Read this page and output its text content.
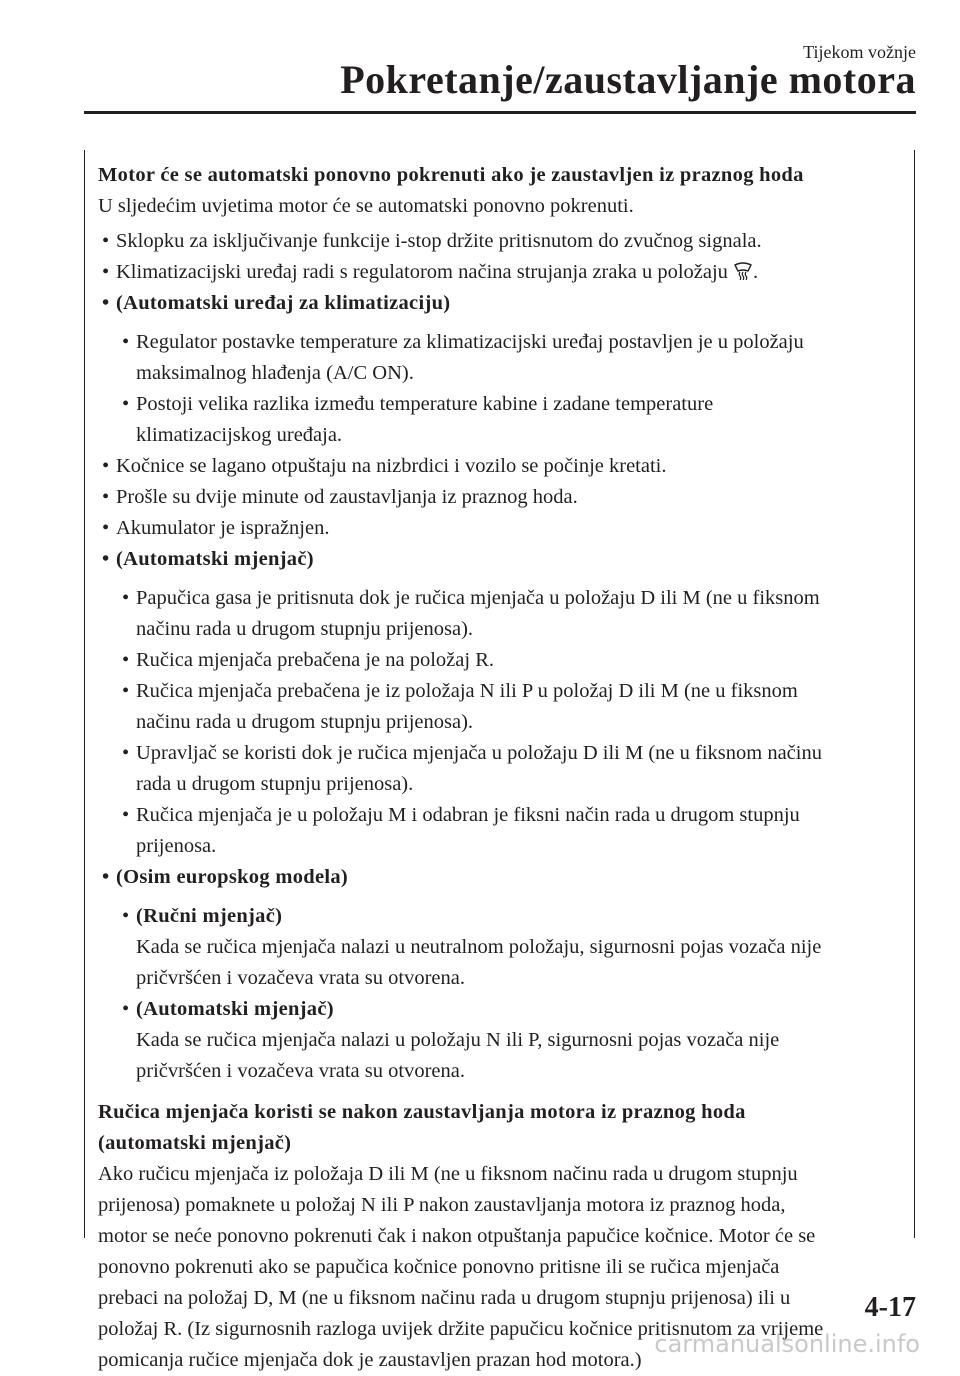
Tijekom vožnje
Pokretanje/zaustavljanje motora
Motor će se automatski ponovno pokrenuti ako je zaustavljen iz praznog hoda
U sljedećim uvjetima motor će se automatski ponovno pokrenuti.
• Sklopku za isključivanje funkcije i-stop držite pritisnutom do zvučnog signala.
• Klimatizacijski uređaj radi s regulatorom načina strujanja zraka u položaju .
• (Automatski uređaj za klimatizaciju)
• Regulator postavke temperature za klimatizacijski uređaj postavljen je u položaju
maksimalnog hlađenja (A/C ON).
• Postoji velika razlika između temperature kabine i zadane temperature
klimatizacijskog uređaja.
• Kočnice se lagano otpuštaju na nizbrdici i vozilo se počinje kretati.
• Prošle su dvije minute od zaustavljanja iz praznog hoda.
• Akumulator je ispražnjen.
• (Automatski mjenjač)
• Papučica gasa je pritisnuta dok je ručica mjenjača u položaju D ili M (ne u fiksnom
načinu rada u drugom stupnju prijenosa).
• Ručica mjenjača prebačena je na položaj R.
• Ručica mjenjača prebačena je iz položaja N ili P u položaj D ili M (ne u fiksnom
načinu rada u drugom stupnju prijenosa).
• Upravljač se koristi dok je ručica mjenjača u položaju D ili M (ne u fiksnom načinu
rada u drugom stupnju prijenosa).
• Ručica mjenjača je u položaju M i odabran je fiksni način rada u drugom stupnju
prijenosa.
• (Osim europskog modela)
• (Ručni mjenjač)
Kada se ručica mjenjača nalazi u neutralnom položaju, sigurnosni pojas vozača nije
pričvršćen i vozačeva vrata su otvorena.
• (Automatski mjenjač)
Kada se ručica mjenjača nalazi u položaju N ili P, sigurnosni pojas vozača nije
pričvršćen i vozačeva vrata su otvorena.
Ručica mjenjača koristi se nakon zaustavljanja motora iz praznog hoda
(automatski mjenjač)
Ako ručicu mjenjača iz položaja D ili M (ne u fiksnom načinu rada u drugom stupnju
prijenosa) pomaknete u položaj N ili P nakon zaustavljanja motora iz praznog hoda,
motor se neće ponovno pokrenuti čak i nakon otpuštanja papučice kočnice. Motor će se
ponovno pokrenuti ako se papučica kočnice ponovno pritisne ili se ručica mjenjača
prebaci na položaj D, M (ne u fiksnom načinu rada u drugom stupnju prijenosa) ili u
položaj R. (Iz sigurnosnih razloga uvijek držite papučicu kočnice pritisnutom za vrijeme
pomicanja ručice mjenjača dok je zaustavljen prazan hod motora.)
4-17
carmanualsonline.info
